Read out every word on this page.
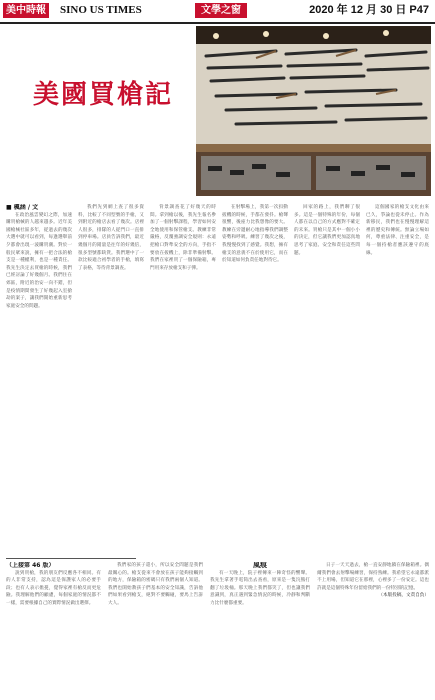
美中時報 SINO US TIMES	文學之窗	2020 年 12 月 30 日 P47
美國買槍記

■ 楓涵 / 文

在政治風雲變幻之際，加速購買槍械的人越來越多。近年美國槍械社區多年，從過去的幾次大選中就可以看到，每逢選舉前夕都會出現一波購買潮。對於一般民眾來說，擁有一把合法的槍支是一種權利，也是一種責任。我先生決定去買槍的時候，我們已經討論了好幾個月。我們住在郊區，附近的治安一向不錯，但是疫情期間發生了好幾起入室搶劫的案子，讓我們開始重新思考家庭安全的問題。

我們先到網上查了很多資料，比較了不同型號的手槍，又到附近的槍店去看了幾次。店裡人很多，排隊的人從門口一直排到停車場。店員告訴我們，最近幾個月的銷量是往年的好幾倍，很多型號都缺貨。我們選中了一款比較適合初學者的手槍，填寫了表格，等待背景調查。

背景調查花了好幾天的時間。拿到槍以後，我先生報名參加了一個射擊課程，學習如何安全地使用和保管槍支。教練非常嚴格，反覆強調安全規則：永遠把槍口對準安全的方向，手指不要放在扳機上，除非準備射擊。我們在家裡買了一個保險箱，專門用來存放槍支和子彈。

在射擊場上，我第一次扣動扳機的時候，手都在發抖。槍聲很響，後座力比我想像的要大。教練在旁邊耐心地指導我們調整姿勢和呼吸。練習了幾次之後，我慢慢找到了感覺。我想，擁有槍支的意義不在於使用它，而在於知道如何負責任地對待它。

回家的路上，我們聊了很多。這是一個特殊的年份，每個人都在以自己的方式應對不確定的未來。買槍只是其中一個小小的決定，但它讓我們更加認真地思考了家庭、安全和責任這些問題。

這個國家的槍支文化由來已久，爭論也從未停止。作為新移民，我們也在慢慢理解這裡的歷史和傳統。無論立場如何，尊重法律、注重安全，是每一個持槍者應該遵守的底線。

（上接第 46 版）

說到買槍，我的朋友們反應各不相同。有的人非常支持，認為這是保護家人的必要手段；也有人表示擔憂，覺得家裡有槍反而更危險。我理解他們的顧慮，每個家庭的情況都不一樣，需要根據自己的實際情況做出選擇。

我們家的孩子還小，所以安全問題是我們最關心的。槍支從來不會放在孩子能夠接觸到的地方，保險箱的密碼只有我們兩個人知道。我們也開始教孩子們基本的安全知識，告訴他們如果看到槍支，絕對不要觸碰，要馬上告訴大人。

風痕

有一天晚上，院子裡傳來一陣奇怪的響聲。我先生拿著手電筒出去查看，原來是一隻浣熊打翻了垃圾桶。那天晚上我們都笑了，但也讓我們意識到，真正遇到緊急情況的時候，冷靜和判斷力比什麼都重要。

日子一天天過去，槍一直安靜地鎖在保險箱裡。偶爾我們會去射擊場練習，保持熟練。我希望它永遠都派不上用場，但知道它在那裡，心裡多了一份安定。這也許就是這個特殊年份留給我們的一份特別的記憶。

（本版投稿，文責自負）
